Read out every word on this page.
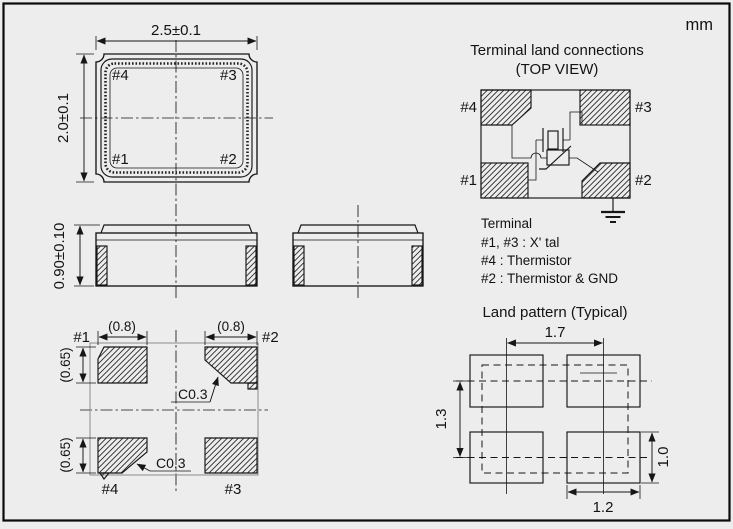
mm
#4	#3
#1	#2
2.5±0.1
2.0±0.1
0.90±0.10
#1	#2
#4	#3
(0.8)	(0.8)
(0.65)
(0.65)
C0.3
C0.3
Terminal land connections
(TOP VIEW)
#4	#3
#1	#2
Terminal
#1, #3 : X' tal
#4 : Thermistor
#2 : Thermistor & GND
Land pattern (Typical)
1.7
1.3
1.0
1.2
